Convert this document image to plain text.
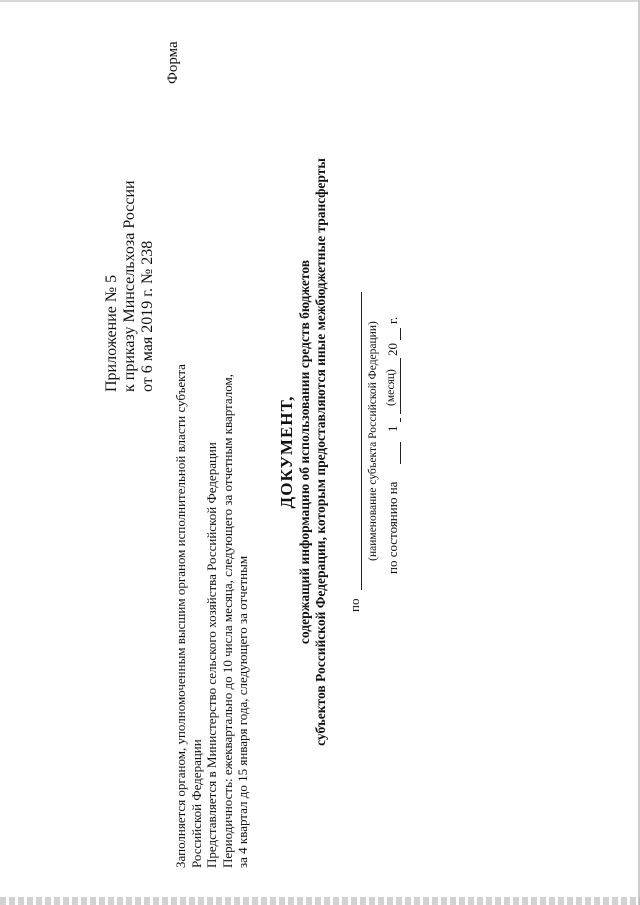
Приложение № 5 к приказу Минсельхоза России от 6 мая 2019 г. № 238
Форма
Заполняется органом, уполномоченным высшим органом исполнительной власти субъекта Российской Федерации Представляется в Министерство сельского хозяйства Российской Федерации Периодичность: ежеквартально до 10 числа месяца, следующего за отчетным кварталом, за 4 квартал до 15 января года, следующего за отчетным
ДОКУМЕНТ, содержащий информацию об использовании средств бюджетов субъектов Российской Федерации, которым предоставляются иные межбюджетные трансферты по
(наименование субъекта Российской Федерации) по состоянию на
1
(месяц)
20
г.
